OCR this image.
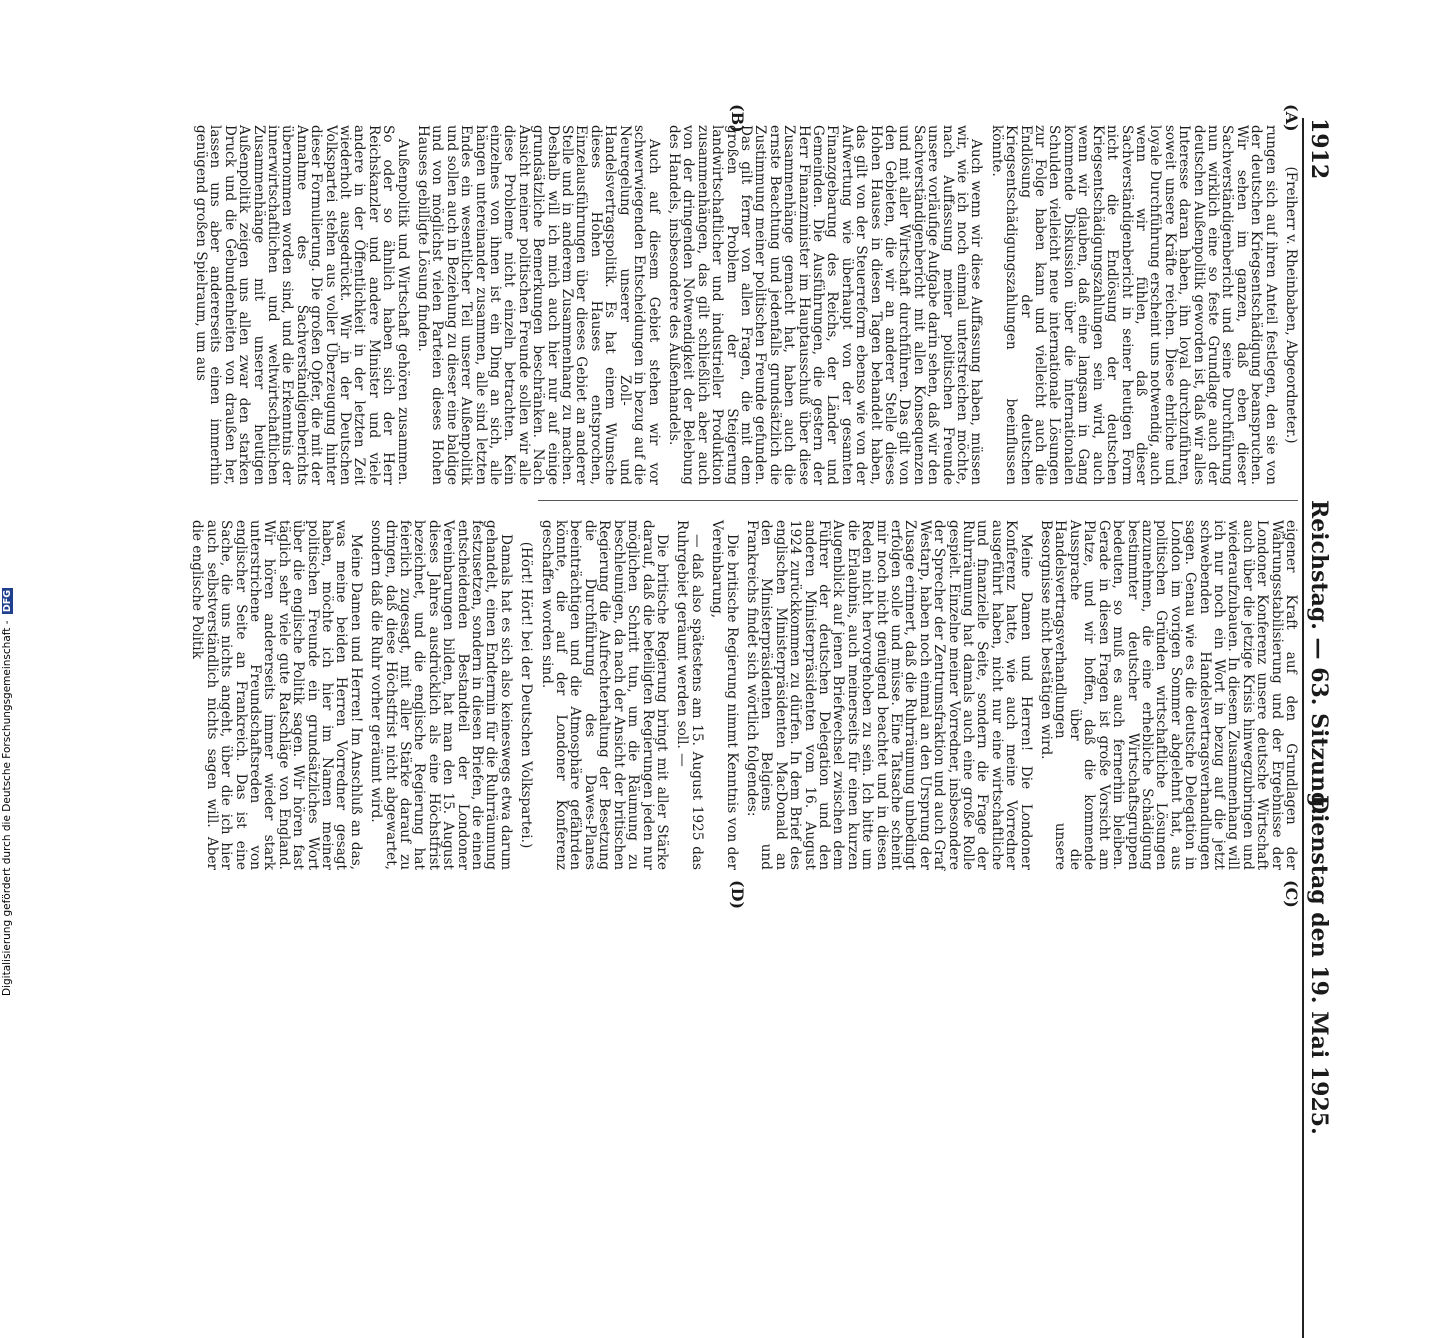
1912
Reichstag. — 63. Sitzung.
Dienstag den 19. Mai 1925.
(A)
(B)
(C)
(D)

(Freiherr v. Rheinbaben, Abgeordneter.)

rungen sich auf ihren Anteil festlegen, den sie von der deutschen Kriegsentschädigung beanspruchen. Wir sehen im ganzen, daß eben dieser Sachverständigenbericht und seine Durchführung nun wirklich eine so feste Grundlage auch der deutschen Außenpolitik geworden ist, daß wir alles Interesse daran haben, ihn loyal durchzuführen, soweit unsere Kräfte reichen. Diese ehrliche und loyale Durchführung erscheint uns notwendig, auch wenn wir fühlen, daß dieser Sachverständigenbericht in seiner heutigen Form nicht die Endlösung der deutschen Kriegsentschädigungszahlungen sein wird, auch wenn wir glauben, daß eine langsam in Gang kommende Diskussion über die internationalen Schulden vielleicht neue internationale Lösungen zur Folge haben kann und vielleicht auch die Endlösung der deutschen Kriegsentschädigungszahlungen beeinflussen könnte.

Auch wenn wir diese Auffassung haben, müssen wir, wie ich noch einmal unterstreichen möchte, nach Auffassung meiner politischen Freunde unsere vorläufige Aufgabe darin sehen, daß wir den Sachverständigenbericht mit allen Konsequenzen und mit aller Wirtschaft durchführen. Das gilt von den Gebieten, die wir an anderer Stelle dieses Hohen Hauses in diesen Tagen behandelt haben, das gilt von der Steuerreform ebenso wie von der Aufwertung wie überhaupt von der gesamten Finanzgebarung des Reichs, der Länder und Gemeinden. Die Ausführungen, die gestern der Herr Finanzminister im Hauptausschuß über diese Zusammenhänge gemacht hat, haben auch die ernste Beachtung und jedenfalls grundsätzlich die Zustimmung meiner politischen Freunde gefunden. Das gilt ferner von allen Fragen, die mit dem großen Problem der Steigerung landwirtschaftlicher und industrieller Produktion zusammenhängen, das gilt schließlich aber auch von der dringenden Notwendigkeit der Belebung des Handels, insbesondere des Außenhandels.

Auch auf diesem Gebiet stehen wir vor schwerwiegenden Entscheidungen in bezug auf die Neuregelung unserer Zoll- und Handelsvertragspolitik. Es hat einem Wunsche dieses Hohen Hauses entsprochen, Einzelausführungen über dieses Gebiet an anderer Stelle und in anderem Zusammenhang zu machen. Deshalb will ich mich auch hier nur auf einige grundsätzliche Bemerkungen beschränken. Nach Ansicht meiner politischen Freunde sollen wir alle diese Probleme nicht einzeln betrachten. Kein einzelnes von ihnen ist ein Ding an sich, alle hängen untereinander zusammen, alle sind letzten Endes ein wesentlicher Teil unserer Außenpolitik und sollen auch in Beziehung zu dieser eine baldige und von möglichst vielen Parteien dieses Hohen Hauses gebilligte Lösung finden.

Außenpolitik und Wirtschaft gehören zusammen. So oder so ähnlich haben sich der Herr Reichskanzler und andere Minister und viele andere in der Öffentlichkeit in der letzten Zeit wiederholt ausgedrückt. Wir in der Deutschen Volkspartei stehen aus voller Überzeugung hinter dieser Formulierung. Die großen Opfer, die mit der Annahme des Sachverständigenberichts übernommen worden sind, und die Erkenntnis der innerwirtschaftlichen und weltwirtschaftlichen Zusammenhänge mit unserer heutigen Außenpolitik zeigen uns allen zwar den starken Druck und die Gebundenheiten von draußen her, lassen uns aber andererseits einen immerhin genügend großen Spielraum, um aus

eigener Kraft auf den Grundlagen der Währungsstabilisierung und der Ergebnisse der Londoner Konferenz unsere deutsche Wirtschaft auch über die jetzige Krisis hinwegzubringen und wiederaufzubauen. In diesem Zusammenhang will ich nur noch ein Wort in bezug auf die jetzt schwebenden Handelsvertragsverhandlungen sagen. Genau wie es die deutsche Delegation in London im vorigen Sommer abgelehnt hat, aus politischen Gründen wirtschaftliche Lösungen anzunehmen, die eine erhebliche Schädigung bestimmter deutscher Wirtschaftsgruppen bedeuten, so muß es auch fernerhin bleiben. Gerade in diesen Fragen ist große Vorsicht am Platze, und wir hoffen, daß die kommende Aussprache über die Handelsvertragsverhandlungen unsere Besorgnisse nicht bestätigen wird.

Meine Damen und Herren! Die Londoner Konferenz hatte, wie auch meine Vorredner ausgeführt haben, nicht nur eine wirtschaftliche und finanzielle Seite, sondern die Frage der Ruhrräumung hat damals auch eine große Rolle gespielt. Einzelne meiner Vorredner, insbesondere der Sprecher der Zentrumsfraktion und auch Graf Westarp, haben noch einmal an den Ursprung der Zusage erinnert, daß die Ruhrräumung unbedingt erfolgen solle und müsse. Eine Tatsache scheint mir noch nicht genügend beachtet und in diesen Reden nicht hervorgehoben zu sein. Ich bitte um die Erlaubnis, auch meinerseits für einen kurzen Augenblick auf jenen Briefwechsel zwischen dem Führer der deutschen Delegation und den anderen Ministerpräsidenten vom 16. August 1924 zurückkommen zu dürfen. In dem Brief des englischen Ministerpräsidenten MacDonald an den Ministerpräsidenten Belgiens und Frankreichs findet sich wörtlich folgendes:

Die britische Regierung nimmt Kenntnis von der Vereinbarung,

— daß also spätestens am 15. August 1925 das Ruhrgebiet geräumt werden soll. —

Die britische Regierung bringt mit aller Stärke darauf, daß die beteiligten Regierungen jeden nur möglichen Schritt tun, um die Räumung zu beschleunigen, da nach der Ansicht der britischen Regierung die Aufrechterhaltung der Besetzung die Durchführung des Dawes-Planes beeinträchtigen und die Atmosphäre gefährden könnte, die auf der Londoner Konferenz geschaffen worden sind.

(Hört! Hört! bei der Deutschen Volkspartei.)

Damals hat es sich also keineswegs etwa darum gehandelt, einen Endtermin für die Ruhrräumung festzusetzen, sondern in diesen Briefen, die einen entscheidenden Bestandteil der Londoner Vereinbarungen bilden, hat man den 15. August dieses Jahres ausdrücklich als eine Höchstfrist bezeichnet, und die englische Regierung hat feierlich zugesagt, mit aller Stärke darauf zu dringen, daß diese Höchstfrist nicht abgewartet, sondern daß die Ruhr vorher geräumt wird.

Meine Damen und Herren! Im Anschluß an das, was meine beiden Herren Vorredner gesagt haben, möchte ich hier im Namen meiner politischen Freunde ein grundsätzliches Wort über die englische Politik sagen. Wir hören fast täglich sehr viele gute Ratschläge von England. Wir hören andererseits immer wieder stark unterstrichene Freundschaftsreden von englischer Seite an Frankreich. Das ist eine Sache, die uns nichts angeht, über die ich hier auch selbstverständlich nichts sagen will. Aber die englische Politik

Digitalisierung gefördert durch die Deutsche Forschungsgemeinschaft - DFG
